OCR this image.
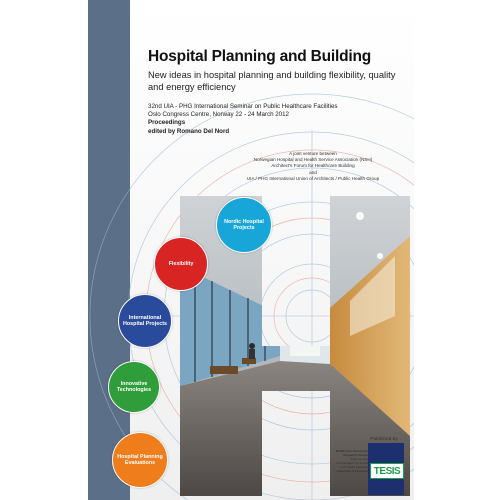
Hospital Planning and Building
New ideas in hospital planning and building flexibility, quality and energy efficiency
32nd UIA - PHG International Seminar on Public Healthcare Facilities
Oslo Congress Centre, Norway 22 - 24 March 2012
Proceedings
edited by Romano Del Nord
A joint venture between
Norwegian Hospital and Health Service Association (NSH)
Architect's Forum for Healthcare Building
and
UIA / PHG International Union of Architects / Public Health Group
Nordic Hospital Projects
Flexibility
International Hospital Projects
Innovative Technologies
Hospital Planning Evaluations
Published by
TESIS Inter-University Research Centre
Systems and Technologies for Social and Health Facilities
University of Florence TESIS
